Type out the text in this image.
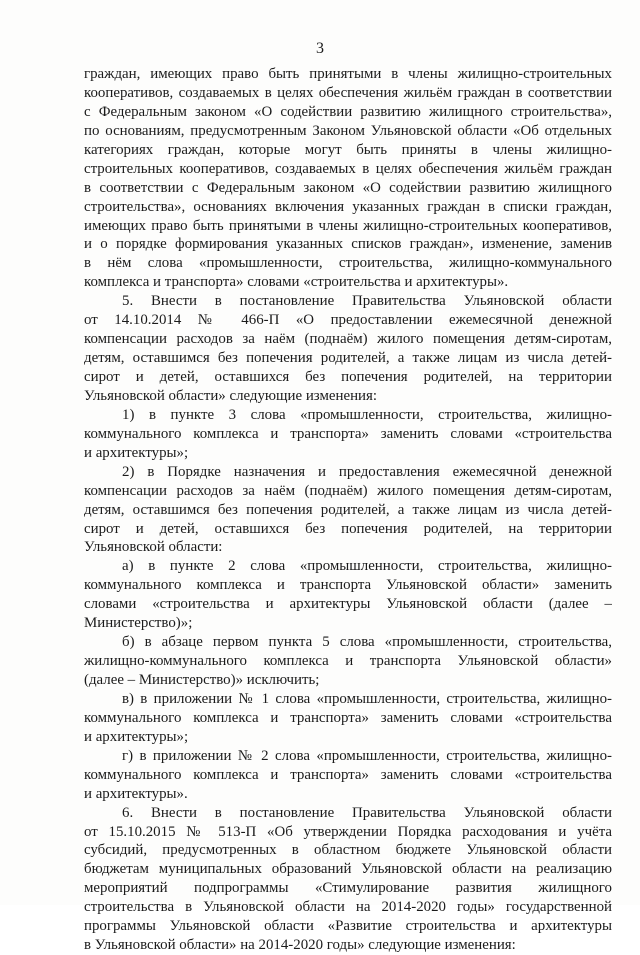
3
граждан, имеющих право быть принятыми в члены жилищно-строительных
кооперативов, создаваемых в целях обеспечения жильём граждан в соответствии
с Федеральным законом «О содействии развитию жилищного строительства»,
по основаниям, предусмотренным Законом Ульяновской области «Об отдельных
категориях граждан, которые могут быть приняты в члены жилищно-
строительных кооперативов, создаваемых в целях обеспечения жильём граждан
в соответствии с Федеральным законом «О содействии развитию жилищного
строительства», основаниях включения указанных граждан в списки граждан,
имеющих право быть принятыми в члены жилищно-строительных кооперативов,
и о порядке формирования указанных списков граждан», изменение, заменив
в нём слова «промышленности, строительства, жилищно-коммунального
комплекса и транспорта» словами «строительства и архитектуры».
5. Внести в постановление Правительства Ульяновской области
от 14.10.2014 № 466-П «О предоставлении ежемесячной денежной
компенсации расходов за наём (поднаём) жилого помещения детям-сиротам,
детям, оставшимся без попечения родителей, а также лицам из числа детей-
сирот и детей, оставшихся без попечения родителей, на территории
Ульяновской области» следующие изменения:
1) в пункте 3 слова «промышленности, строительства, жилищно-
коммунального комплекса и транспорта» заменить словами «строительства
и архитектуры»;
2) в Порядке назначения и предоставления ежемесячной денежной
компенсации расходов за наём (поднаём) жилого помещения детям-сиротам,
детям, оставшимся без попечения родителей, а также лицам из числа детей-
сирот и детей, оставшихся без попечения родителей, на территории
Ульяновской области:
а) в пункте 2 слова «промышленности, строительства, жилищно-
коммунального комплекса и транспорта Ульяновской области» заменить
словами «строительства и архитектуры Ульяновской области (далее –
Министерство)»;
б) в абзаце первом пункта 5 слова «промышленности, строительства,
жилищно-коммунального комплекса и транспорта Ульяновской области»
(далее – Министерство)» исключить;
в) в приложении № 1 слова «промышленности, строительства, жилищно-
коммунального комплекса и транспорта» заменить словами «строительства
и архитектуры»;
г) в приложении № 2 слова «промышленности, строительства, жилищно-
коммунального комплекса и транспорта» заменить словами «строительства
и архитектуры».
6. Внести в постановление Правительства Ульяновской области
от 15.10.2015 № 513-П «Об утверждении Порядка расходования и учёта
субсидий, предусмотренных в областном бюджете Ульяновской области
бюджетам муниципальных образований Ульяновской области на реализацию
мероприятий подпрограммы «Стимулирование развития жилищного
строительства в Ульяновской области на 2014-2020 годы» государственной
программы Ульяновской области «Развитие строительства и архитектуры
в Ульяновской области» на 2014-2020 годы» следующие изменения:
